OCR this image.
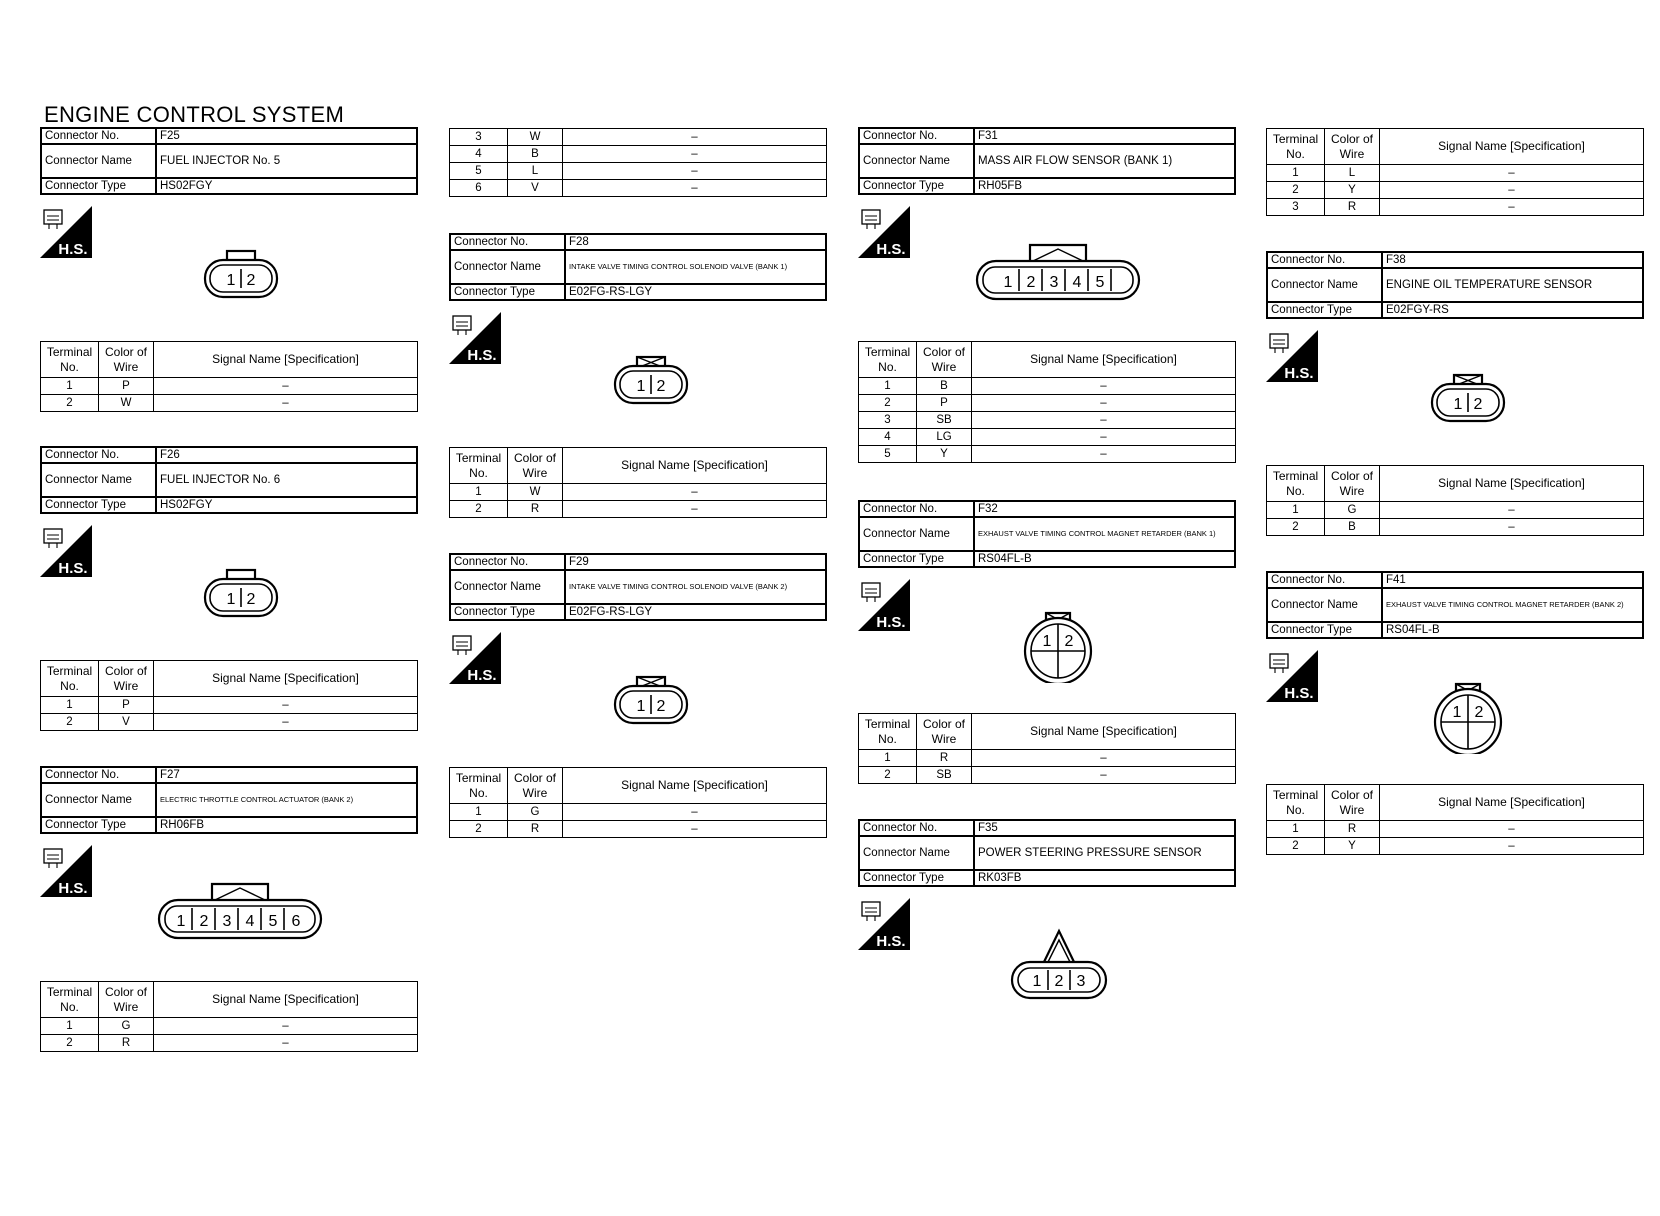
ENGINE CONTROL SYSTEM
Connector No.	F25
Connector Name	FUEL INJECTOR No. 5
Connector Type	HS02FGY
H.S.
1 2
Terminal No.	Color of Wire	Signal Name [Specification]
1	P	–
2	W	–
Connector No.	F26
Connector Name	FUEL INJECTOR No. 6
Connector Type	HS02FGY
H.S.
1 2
Terminal No.	Color of Wire	Signal Name [Specification]
1	P	–
2	V	–
Connector No.	F27
Connector Name	ELECTRIC THROTTLE CONTROL ACTUATOR (BANK 2)
Connector Type	RH06FB
H.S.
1 2 3 4 5 6
Terminal No.	Color of Wire	Signal Name [Specification]
1	G	–
2	R	–
3	W	–
4	B	–
5	L	–
6	V	–
Connector No.	F28
Connector Name	INTAKE VALVE TIMING CONTROL SOLENOID VALVE (BANK 1)
Connector Type	E02FG-RS-LGY
H.S.
1 2
Terminal No.	Color of Wire	Signal Name [Specification]
1	W	–
2	R	–
Connector No.	F29
Connector Name	INTAKE VALVE TIMING CONTROL SOLENOID VALVE (BANK 2)
Connector Type	E02FG-RS-LGY
H.S.
1 2
Terminal No.	Color of Wire	Signal Name [Specification]
1	G	–
2	R	–
Connector No.	F31
Connector Name	MASS AIR FLOW SENSOR (BANK 1)
Connector Type	RH05FB
H.S.
1 2 3 4 5
Terminal No.	Color of Wire	Signal Name [Specification]
1	B	–
2	P	–
3	SB	–
4	LG	–
5	Y	–
Connector No.	F32
Connector Name	EXHAUST VALVE TIMING CONTROL MAGNET RETARDER (BANK 1)
Connector Type	RS04FL-B
H.S.
1 2
Terminal No.	Color of Wire	Signal Name [Specification]
1	R	–
2	SB	–
Connector No.	F35
Connector Name	POWER STEERING PRESSURE SENSOR
Connector Type	RK03FB
H.S.
1 2 3
Terminal No.	Color of Wire	Signal Name [Specification]
1	L	–
2	Y	–
3	R	–
Connector No.	F38
Connector Name	ENGINE OIL TEMPERATURE SENSOR
Connector Type	E02FGY-RS
H.S.
1 2
Terminal No.	Color of Wire	Signal Name [Specification]
1	G	–
2	B	–
Connector No.	F41
Connector Name	EXHAUST VALVE TIMING CONTROL MAGNET RETARDER (BANK 2)
Connector Type	RS04FL-B
H.S.
1 2
Terminal No.	Color of Wire	Signal Name [Specification]
1	R	–
2	Y	–
